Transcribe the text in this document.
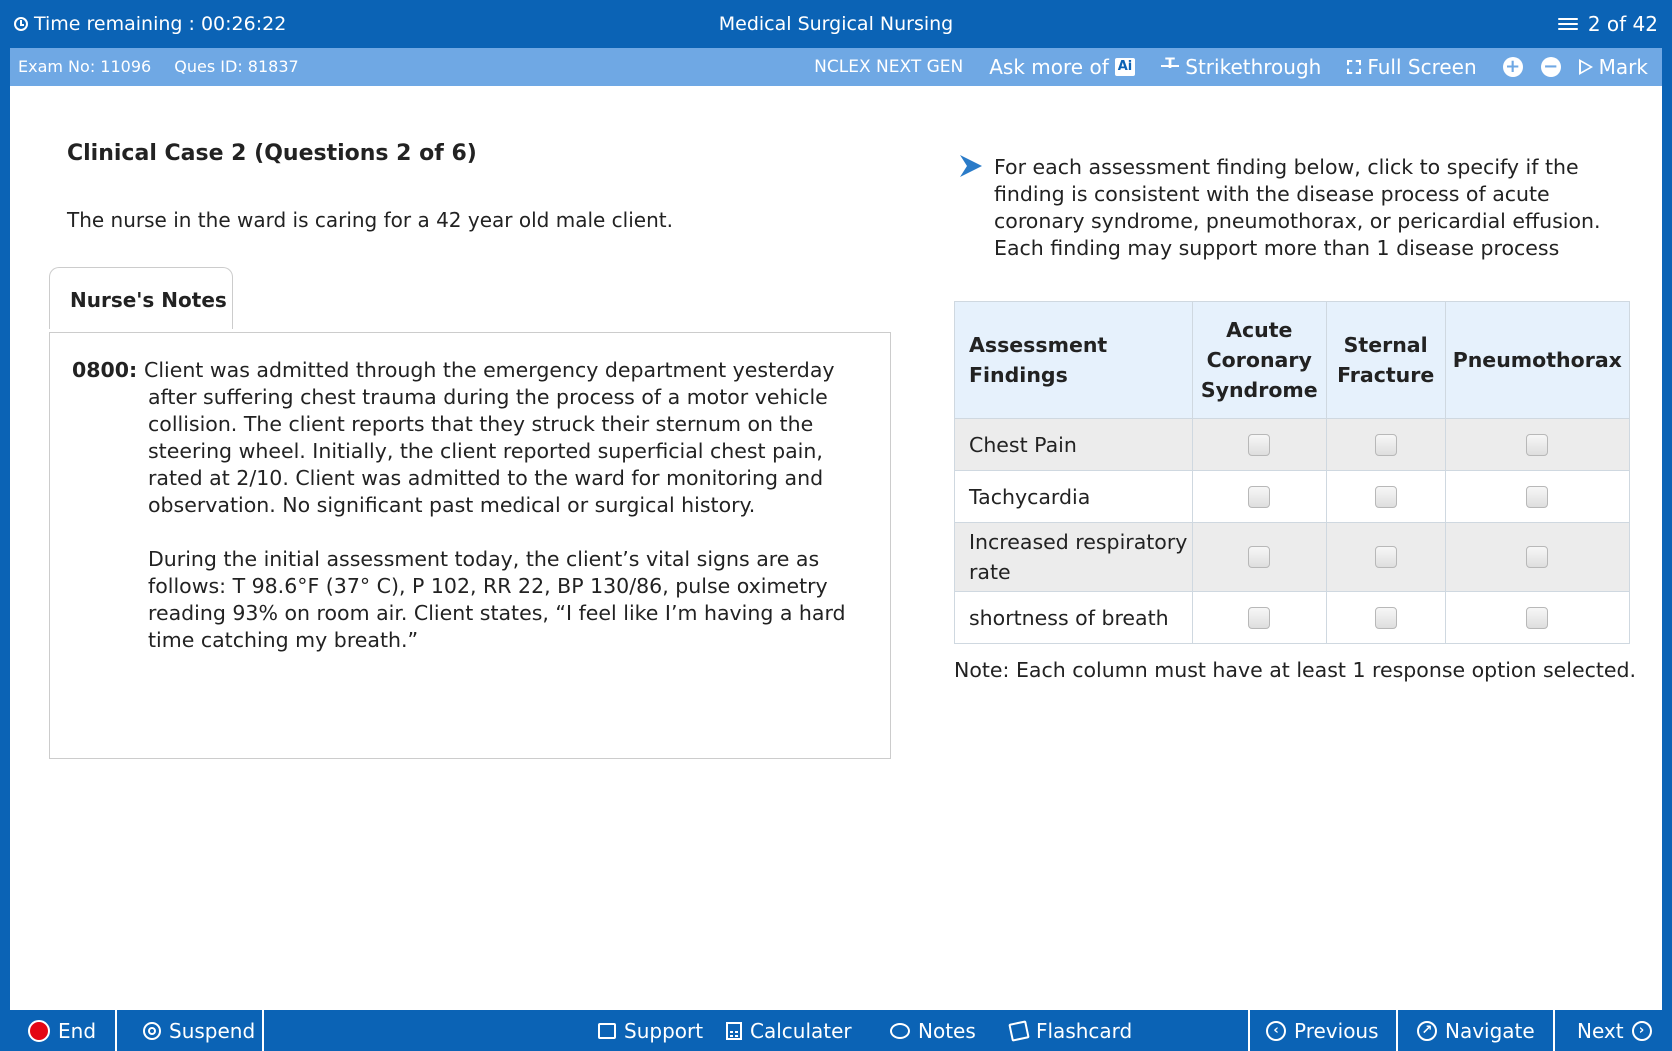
Time remaining : 00:26:22	Medical Surgical Nursing	2 of 42
Exam No: 11096 Ques ID: 81837	NCLEX NEXT GEN Ask more of Ai T	Strikethrough Full Screen + − Mark
Clinical Case 2 (Questions 2 of 6)
The nurse in the ward is caring for a 42 year old male client.
Nurse's Notes
0800: Client was admitted through the emergency department yesterday after suffering chest trauma during the process of a motor vehicle collision. The client reports that they struck their sternum on the steering wheel. Initially, the client reported superficial chest pain, rated at 2/10. Client was admitted to the ward for monitoring and observation. No significant past medical or surgical history.
During the initial assessment today, the client’s vital signs are as follows: T 98.6°F (37° C), P 102, RR 22, BP 130/86, pulse oximetry reading 93% on room air. Client states, “I feel like I’m having a hard time catching my breath.”
For each assessment finding below, click to specify if the finding is consistent with the disease process of acute coronary syndrome, pneumothorax, or pericardial effusion. Each finding may support more than 1 disease process
Assessment Findings	Acute Coronary Syndrome	Sternal Fracture	Pneumothorax
Chest Pain	

Tachycardia	

Increased respiratory rate	

shortness of breath	

Note: Each column must have at least 1 response option selected.
End	Suspend	Support Calculater	Notes	Flashcard	‹ Previous	↗ Navigate Next	›
